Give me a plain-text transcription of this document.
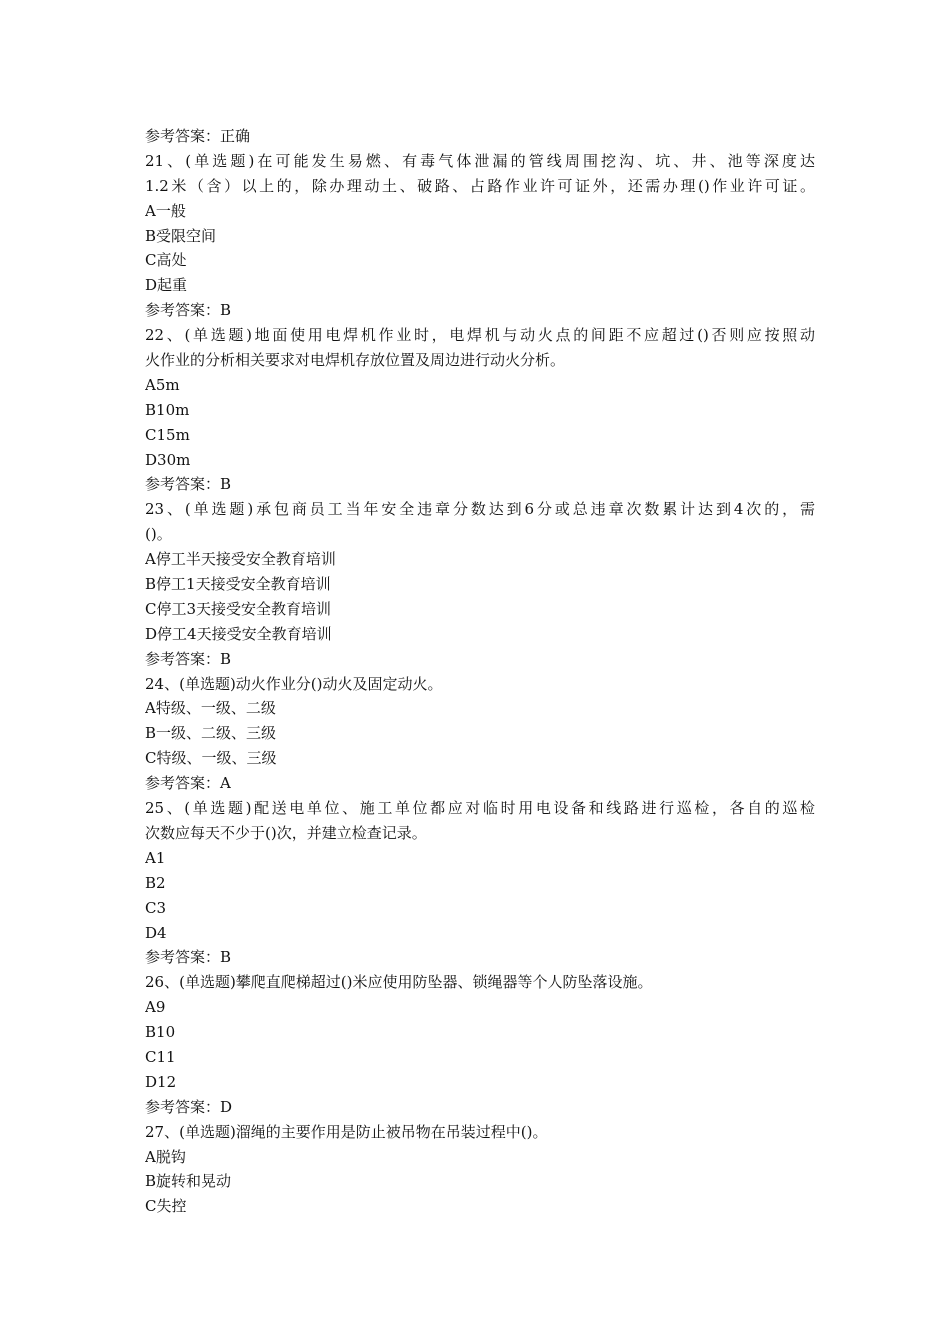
参考答案：正确
21、(单选题)在可能发生易燃、有毒气体泄漏的管线周围挖沟、坑、井、池等深度达
1.2米（含）以上的，除办理动土、破路、占路作业许可证外，还需办理()作业许可证。
A一般
B受限空间
C高处
D起重
参考答案：B
22、(单选题)地面使用电焊机作业时，电焊机与动火点的间距不应超过()否则应按照动
火作业的分析相关要求对电焊机存放位置及周边进行动火分析。
A5m
B10m
C15m
D30m
参考答案：B
23、(单选题)承包商员工当年安全违章分数达到6分或总违章次数累计达到4次的，需
()。
A停工半天接受安全教育培训
B停工1天接受安全教育培训
C停工3天接受安全教育培训
D停工4天接受安全教育培训
参考答案：B
24、(单选题)动火作业分()动火及固定动火。
A特级、一级、二级
B一级、二级、三级
C特级、一级、三级
参考答案：A
25、(单选题)配送电单位、施工单位都应对临时用电设备和线路进行巡检，各自的巡检
次数应每天不少于()次，并建立检查记录。
A1
B2
C3
D4
参考答案：B
26、(单选题)攀爬直爬梯超过()米应使用防坠器、锁绳器等个人防坠落设施。
A9
B10
C11
D12
参考答案：D
27、(单选题)溜绳的主要作用是防止被吊物在吊装过程中()。
A脱钩
B旋转和晃动
C失控
